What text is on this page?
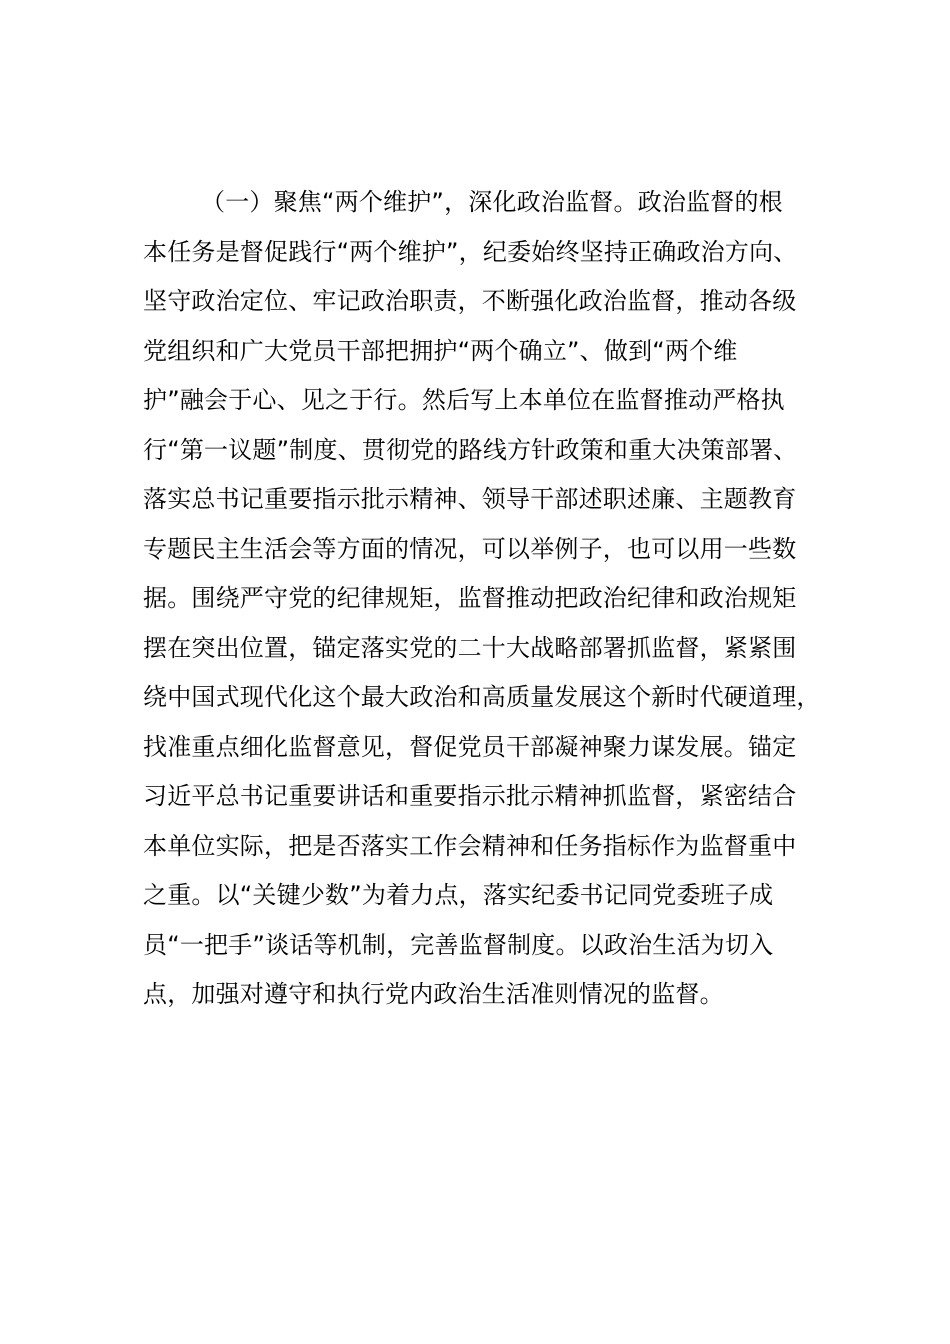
（一）聚焦“两个维护”，深化政治监督。政治监督的根
本任务是督促践行“两个维护”，纪委始终坚持正确政治方向、
坚守政治定位、牢记政治职责，不断强化政治监督，推动各级
党组织和广大党员干部把拥护“两个确立”、做到“两个维
护”融会于心、见之于行。然后写上本单位在监督推动严格执
行“第一议题”制度、贯彻党的路线方针政策和重大决策部署、
落实总书记重要指示批示精神、领导干部述职述廉、主题教育
专题民主生活会等方面的情况，可以举例子，也可以用一些数
据。围绕严守党的纪律规矩，监督推动把政治纪律和政治规矩
摆在突出位置，锚定落实党的二十大战略部署抓监督，紧紧围
绕中国式现代化这个最大政治和高质量发展这个新时代硬道理，
找准重点细化监督意见，督促党员干部凝神聚力谋发展。锚定
习近平总书记重要讲话和重要指示批示精神抓监督，紧密结合
本单位实际，把是否落实工作会精神和任务指标作为监督重中
之重。以“关键少数”为着力点，落实纪委书记同党委班子成
员“一把手”谈话等机制，完善监督制度。以政治生活为切入
点，加强对遵守和执行党内政治生活准则情况的监督。
